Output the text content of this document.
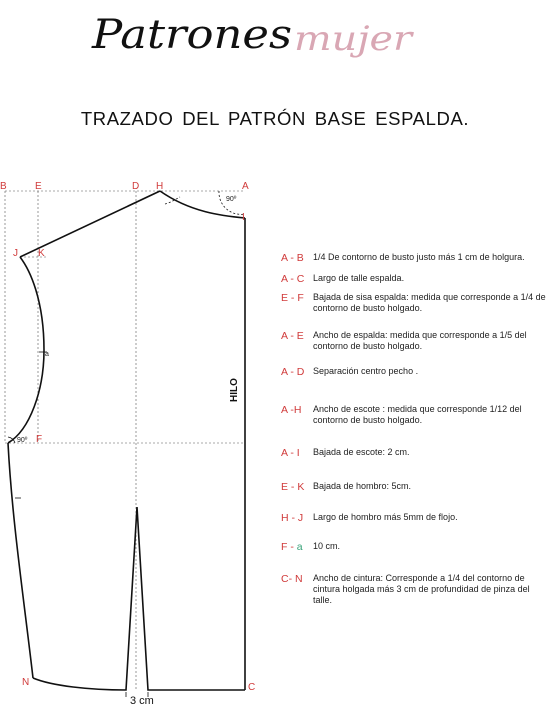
Patrones mujer
TRAZADO DEL PATRÓN BASE ESPALDA.
B	E	D H	A
I
J K
a
90º F
N	C
90º
HILO
3 cm
A - B	1/4 De contorno de busto justo más 1 cm de holgura.
A - C Largo de talle espalda.
E - F	Bajada de sisa espalda: medida que corresponde a 1/4 de contorno de busto holgado.
A - E	Ancho de espalda: medida que corresponde a 1/5 del contorno de busto holgado.
A - D Separación centro pecho .
A -H	Ancho de escote : medida que corresponde 1/12 del contorno de busto holgado.
A - I	Bajada de escote: 2 cm.
E - K Bajada de hombro: 5cm.
H - J	Largo de hombro más 5mm de flojo.
F - a	10 cm.
C- N	Ancho de cintura: Corresponde a 1/4 del contorno de cintura holgada más 3 cm de profundidad de pinza del talle.
